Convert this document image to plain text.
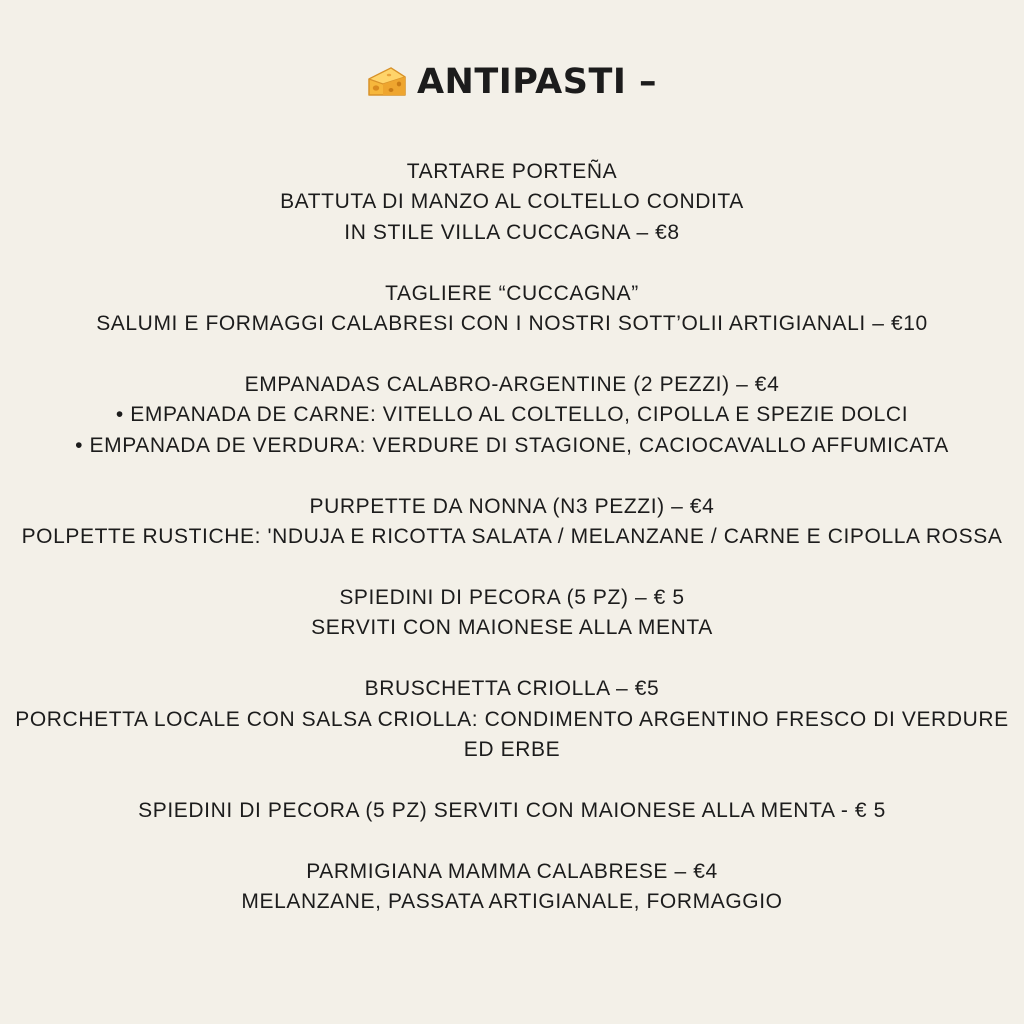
ANTIPASTI –
TARTARE PORTEÑA
BATTUTA DI MANZO AL COLTELLO CONDITA
IN STILE VILLA CUCCAGNA – €8
TAGLIERE “CUCCAGNA”
SALUMI E FORMAGGI CALABRESI CON I NOSTRI SOTT’OLII ARTIGIANALI – €10
EMPANADAS CALABRO-ARGENTINE (2 PEZZI) – €4
• EMPANADA DE CARNE: VITELLO AL COLTELLO, CIPOLLA E SPEZIE DOLCI
• EMPANADA DE VERDURA: VERDURE DI STAGIONE, CACIOCAVALLO AFFUMICATA
PURPETTE DA NONNA (N3 PEZZI) – €4
POLPETTE RUSTICHE: 'NDUJA E RICOTTA SALATA / MELANZANE / CARNE E CIPOLLA ROSSA
SPIEDINI DI PECORA (5 PZ) – € 5
SERVITI CON MAIONESE ALLA MENTA
BRUSCHETTA CRIOLLA – €5
PORCHETTA LOCALE CON SALSA CRIOLLA: CONDIMENTO ARGENTINO FRESCO DI VERDURE ED ERBE
SPIEDINI DI PECORA (5 PZ) SERVITI CON MAIONESE ALLA MENTA - € 5
PARMIGIANA MAMMA CALABRESE – €4
MELANZANE, PASSATA ARTIGIANALE, FORMAGGIO
